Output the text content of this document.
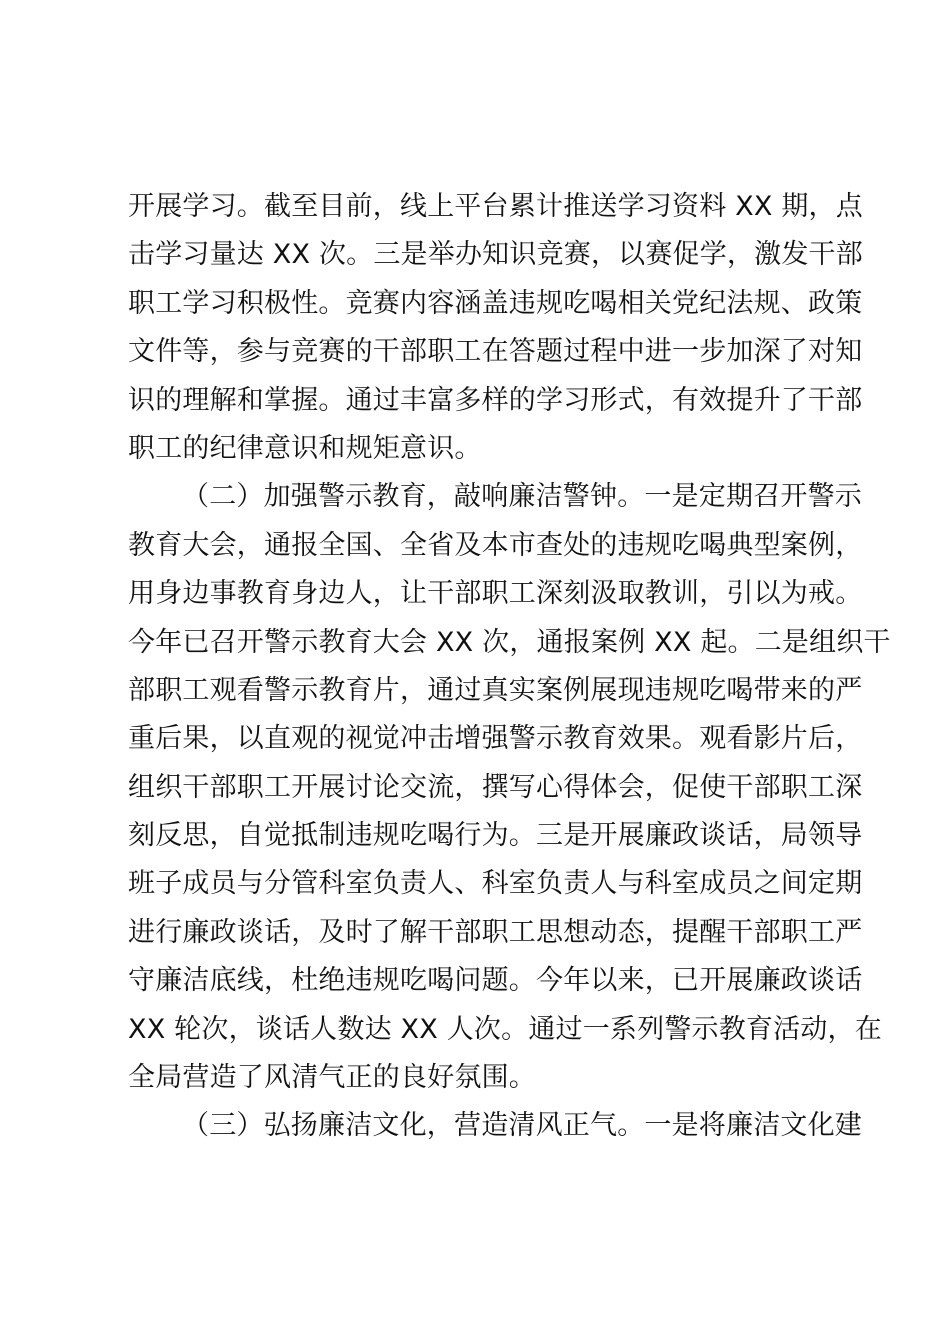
开展学习。截至目前，线上平台累计推送学习资料 XX 期，点
击学习量达 XX 次。三是举办知识竞赛，以赛促学，激发干部
职工学习积极性。竞赛内容涵盖违规吃喝相关党纪法规、政策
文件等，参与竞赛的干部职工在答题过程中进一步加深了对知
识的理解和掌握。通过丰富多样的学习形式，有效提升了干部
职工的纪律意识和规矩意识。
（二）加强警示教育，敲响廉洁警钟。一是定期召开警示
教育大会，通报全国、全省及本市查处的违规吃喝典型案例，
用身边事教育身边人，让干部职工深刻汲取教训，引以为戒。
今年已召开警示教育大会 XX 次，通报案例 XX 起。二是组织干
部职工观看警示教育片，通过真实案例展现违规吃喝带来的严
重后果，以直观的视觉冲击增强警示教育效果。观看影片后，
组织干部职工开展讨论交流，撰写心得体会，促使干部职工深
刻反思，自觉抵制违规吃喝行为。三是开展廉政谈话，局领导
班子成员与分管科室负责人、科室负责人与科室成员之间定期
进行廉政谈话，及时了解干部职工思想动态，提醒干部职工严
守廉洁底线，杜绝违规吃喝问题。今年以来，已开展廉政谈话
XX 轮次，谈话人数达 XX 人次。通过一系列警示教育活动，在
全局营造了风清气正的良好氛围。
（三）弘扬廉洁文化，营造清风正气。一是将廉洁文化建
